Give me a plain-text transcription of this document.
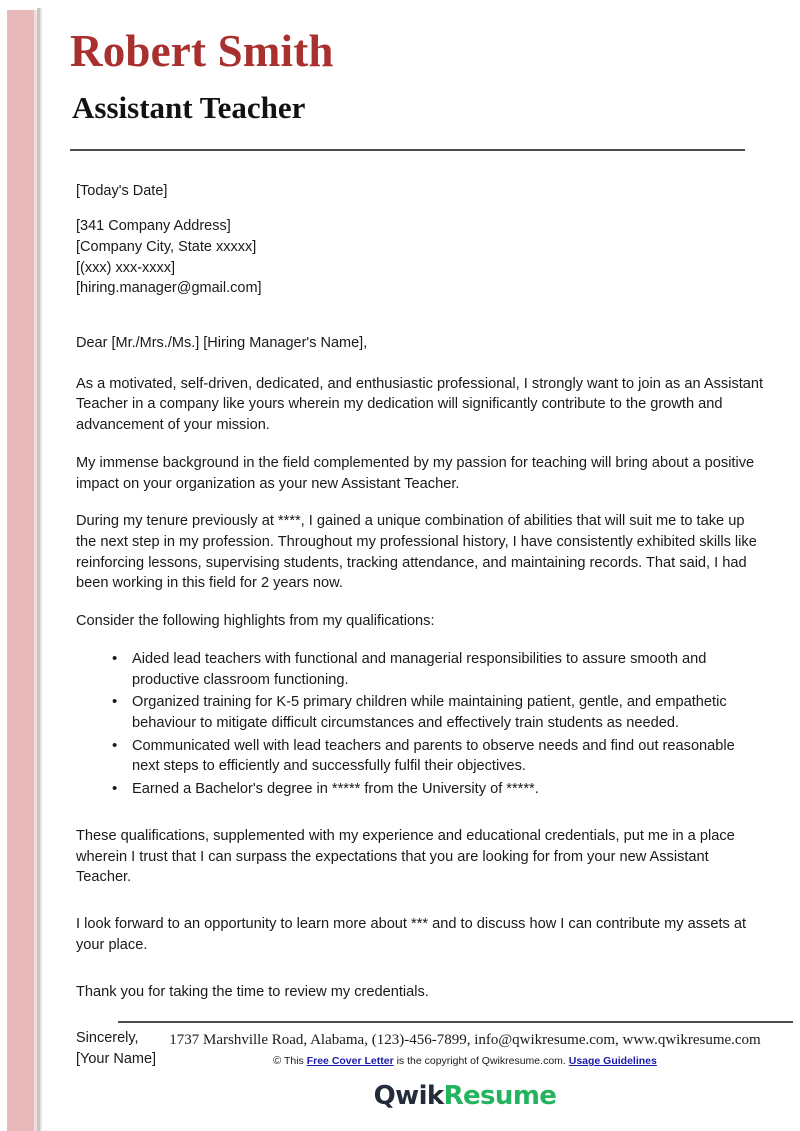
Robert Smith
Assistant Teacher

[Today's Date]

[341 Company Address]
[Company City, State xxxxx]
[(xxx) xxx-xxxx]
[hiring.manager@gmail.com]

Dear [Mr./Mrs./Ms.] [Hiring Manager's Name],

As a motivated, self-driven, dedicated, and enthusiastic professional, I strongly want to join as an Assistant Teacher in a company like yours wherein my dedication will significantly contribute to the growth and advancement of your mission.

My immense background in the field complemented by my passion for teaching will bring about a positive impact on your organization as your new Assistant Teacher.

During my tenure previously at ****, I gained a unique combination of abilities that will suit me to take up the next step in my profession. Throughout my professional history, I have consistently exhibited skills like reinforcing lessons, supervising students, tracking attendance, and maintaining records. That said, I had been working in this field for 2 years now.

Consider the following highlights from my qualifications:

• Aided lead teachers with functional and managerial responsibilities to assure smooth and productive classroom functioning.
• Organized training for K-5 primary children while maintaining patient, gentle, and empathetic behaviour to mitigate difficult circumstances and effectively train students as needed.
• Communicated well with lead teachers and parents to observe needs and find out reasonable next steps to efficiently and successfully fulfil their objectives.
• Earned a Bachelor's degree in ***** from the University of *****.

These qualifications, supplemented with my experience and educational credentials, put me in a place wherein I trust that I can surpass the expectations that you are looking for from your new Assistant Teacher.

I look forward to an opportunity to learn more about *** and to discuss how I can contribute my assets at your place.

Thank you for taking the time to review my credentials.

Sincerely,
[Your Name]
1737 Marshville Road, Alabama, (123)-456-7899, info@qwikresume.com, www.qwikresume.com
© This Free Cover Letter is the copyright of Qwikresume.com. Usage Guidelines
QwikResume
